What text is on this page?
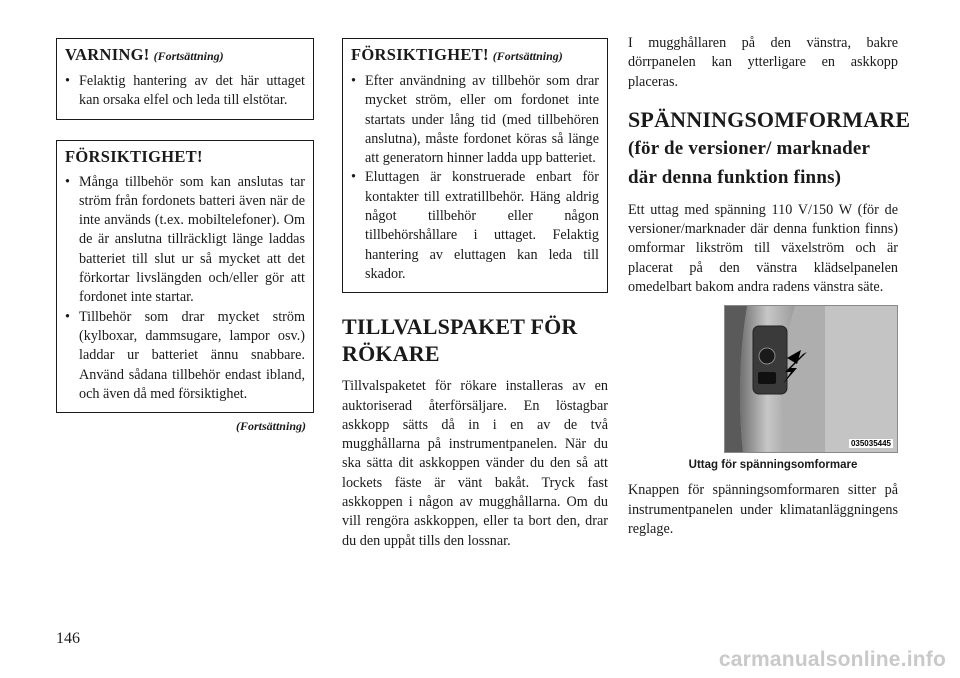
VARNING! (Fortsättning)
• Felaktig hantering av det här uttaget kan orsaka elfel och leda till elstötar.
FÖRSIKTIGHET!
• Många tillbehör som kan anslutas tar ström från fordonets batteri även när de inte används (t.ex. mobiltelefoner). Om de är anslutna tillräckligt länge laddas batteriet till slut ur så mycket att det förkortar livslängden och/eller gör att fordonet inte startar.
• Tillbehör som drar mycket ström (kylboxar, dammsugare, lampor osv.) laddar ur batteriet ännu snabbare. Använd sådana tillbehör endast ibland, och även då med försiktighet.
(Fortsättning)
FÖRSIKTIGHET! (Fortsättning)
• Efter användning av tillbehör som drar mycket ström, eller om fordonet inte startats under lång tid (med tillbehören anslutna), måste fordonet köras så länge att generatorn hinner ladda upp batteriet.
• Eluttagen är konstruerade enbart för kontakter till extratillbehör. Häng aldrig något tillbehör eller någon tillbehörshållare i uttaget. Felaktig hantering av eluttagen kan leda till skador.
TILLVALSPAKET FÖR RÖKARE

Tillvalspaketet för rökare installeras av en auktoriserad återförsäljare. En löstagbar askkopp sätts då in i en av de två mugghållarna på instrumentpanelen. När du ska sätta dit askkoppen vänder du den så att lockets fäste är vänt bakåt. Tryck fast askkoppen i någon av mugghållarna. Om du vill rengöra askkoppen, eller ta bort den, drar du den uppåt tills den lossnar.

I mugghållaren på den vänstra, bakre dörrpanelen kan ytterligare en askkopp placeras.

SPÄNNINGSOMFORMARE (för de versioner/ marknader där denna funktion finns)

Ett uttag med spänning 110 V/150 W (för de versioner/marknader där denna funktion finns) omformar likström till växelström och är placerat på den vänstra klädselpanelen omedelbart bakom andra radens vänstra säte.

035035445
Uttag för spänningsomformare

Knappen för spänningsomformaren sitter på instrumentpanelen under klimatanläggningens reglage.

146
carmanualsonline.info
